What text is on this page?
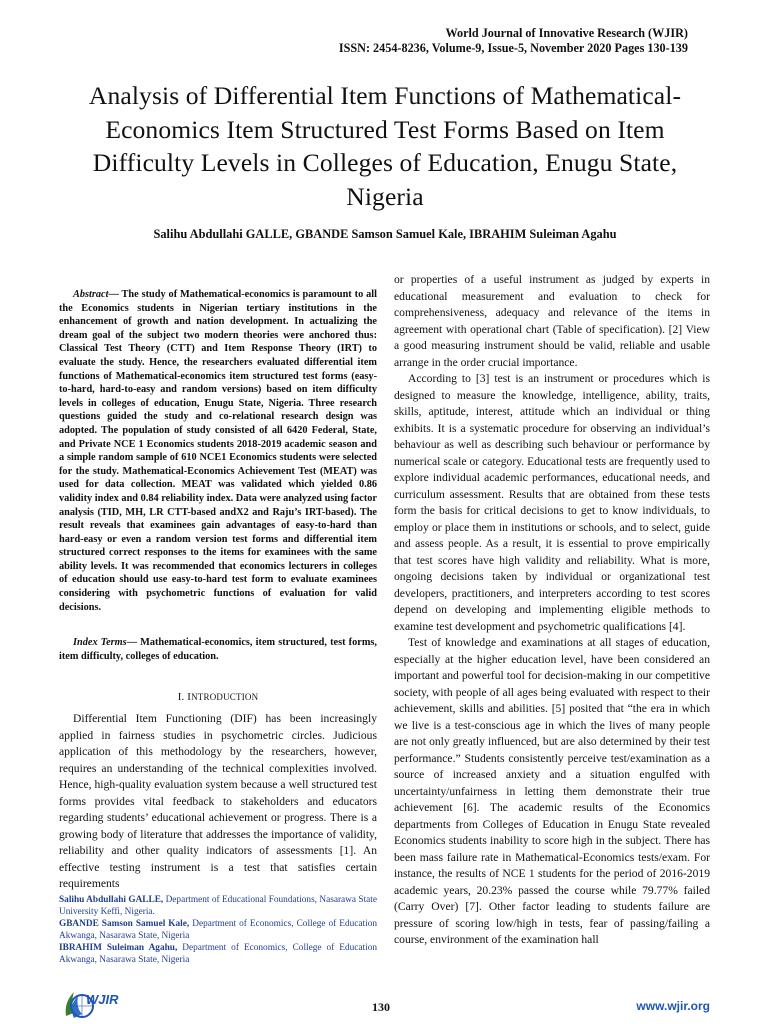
World Journal of Innovative Research (WJIR)
ISSN: 2454-8236, Volume-9, Issue-5, November 2020 Pages 130-139
Analysis of Differential Item Functions of Mathematical-Economics Item Structured Test Forms Based on Item Difficulty Levels in Colleges of Education, Enugu State, Nigeria
Salihu Abdullahi GALLE, GBANDE Samson Samuel Kale, IBRAHIM Suleiman Agahu
Abstract— The study of Mathematical-economics is paramount to all the Economics students in Nigerian tertiary institutions in the enhancement of growth and nation development. In actualizing the dream goal of the subject two modern theories were anchored thus: Classical Test Theory (CTT) and Item Response Theory (IRT) to evaluate the study. Hence, the researchers evaluated differential item functions of Mathematical-economics item structured test forms (easy-to-hard, hard-to-easy and random versions) based on item difficulty levels in colleges of education, Enugu State, Nigeria. Three research questions guided the study and co-relational research design was adopted. The population of study consisted of all 6420 Federal, State, and Private NCE 1 Economics students 2018-2019 academic season and a simple random sample of 610 NCE1 Economics students were selected for the study. Mathematical-Economics Achievement Test (MEAT) was used for data collection. MEAT was validated which yielded 0.86 validity index and 0.84 reliability index. Data were analyzed using factor analysis (TID, MH, LR CTT-based andX2 and Raju’s IRT-based). The result reveals that examinees gain advantages of easy-to-hard than hard-easy or even a random version test forms and differential item structured correct responses to the items for examinees with the same ability levels. It was recommended that economics lecturers in colleges of education should use easy-to-hard test form to evaluate examinees considering with psychometric functions of evaluation for valid decisions.
Index Terms— Mathematical-economics, item structured, test forms, item difficulty, colleges of education.
I. INTRODUCTION

Differential Item Functioning (DIF) has been increasingly applied in fairness studies in psychometric circles. Judicious application of this methodology by the researchers, however, requires an understanding of the technical complexities involved. Hence, high-quality evaluation system because a well structured test forms provides vital feedback to stakeholders and educators regarding students’ educational achievement or progress. There is a growing body of literature that addresses the importance of validity, reliability and other quality indicators of assessments [1]. An effective testing instrument is a test that satisfies certain requirements

Salihu Abdullahi GALLE, Department of Educational Foundations, Nasarawa State University Keffi, Nigeria.

GBANDE Samson Samuel Kale, Department of Economics, College of Education Akwanga, Nasarawa State, Nigeria

IBRAHIM Suleiman Agahu, Department of Economics, College of Education Akwanga, Nasarawa State, Nigeria

or properties of a useful instrument as judged by experts in educational measurement and evaluation to check for comprehensiveness, adequacy and relevance of the items in agreement with operational chart (Table of specification). [2] View a good measuring instrument should be valid, reliable and usable arrange in the order crucial importance.

According to [3] test is an instrument or procedures which is designed to measure the knowledge, intelligence, ability, traits, skills, aptitude, interest, attitude which an individual or thing exhibits. It is a systematic procedure for observing an individual’s behaviour as well as describing such behaviour or performance by numerical scale or category. Educational tests are frequently used to explore individual academic performances, educational needs, and curriculum assessment. Results that are obtained from these tests form the basis for critical decisions to get to know individuals, to employ or place them in institutions or schools, and to select, guide and assess people. As a result, it is essential to prove empirically that test scores have high validity and reliability. What is more, ongoing decisions taken by individual or organizational test developers, practitioners, and interpreters according to test scores depend on developing and implementing eligible methods to examine test development and psychometric qualifications [4].

Test of knowledge and examinations at all stages of education, especially at the higher education level, have been considered an important and powerful tool for decision-making in our competitive society, with people of all ages being evaluated with respect to their achievement, skills and abilities. [5] posited that “the era in which we live is a test-conscious age in which the lives of many people are not only greatly influenced, but are also determined by their test performance.” Students consistently perceive test/examination as a source of increased anxiety and a situation engulfed with uncertainty/unfairness in letting them demonstrate their true achievement [6]. The academic results of the Economics departments from Colleges of Education in Enugu State revealed Economics students inability to score high in the subject. There has been mass failure rate in Mathematical-Economics tests/exam. For instance, the results of NCE 1 students for the period of 2016-2019 academic years, 20.23% passed the course while 79.77% failed (Carry Over) [7]. Other factor leading to students failure are pressure of scoring low/high in tests, fear of passing/failing a course, environment of the examination hall

WJIR	130	www.wjir.org
